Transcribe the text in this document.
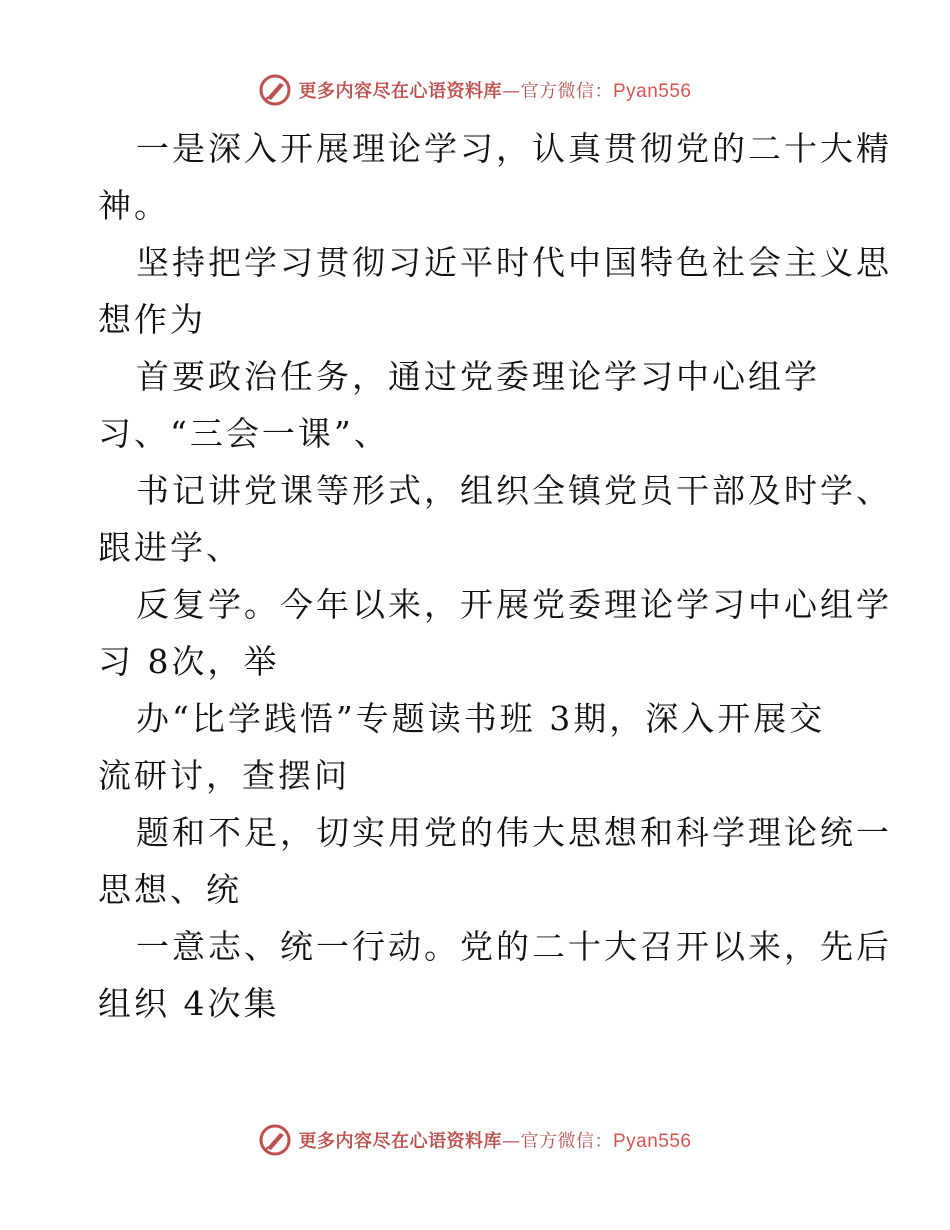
更多内容尽在心语资料库—官方微信：Pyan556

一是深入开展理论学习，认真贯彻党的二十大精
神。

坚持把学习贯彻习近平时代中国特色社会主义思
想作为

首要政治任务，通过党委理论学习中心组学
习、“三会一课”、

书记讲党课等形式，组织全镇党员干部及时学、
跟进学、

反复学。今年以来，开展党委理论学习中心组学
习 8次，举

办“比学践悟”专题读书班 3期，深入开展交
流研讨，查摆问

题和不足，切实用党的伟大思想和科学理论统一
思想、统

一意志、统一行动。党的二十大召开以来，先后
组织 4次集

更多内容尽在心语资料库—官方微信：Pyan556
